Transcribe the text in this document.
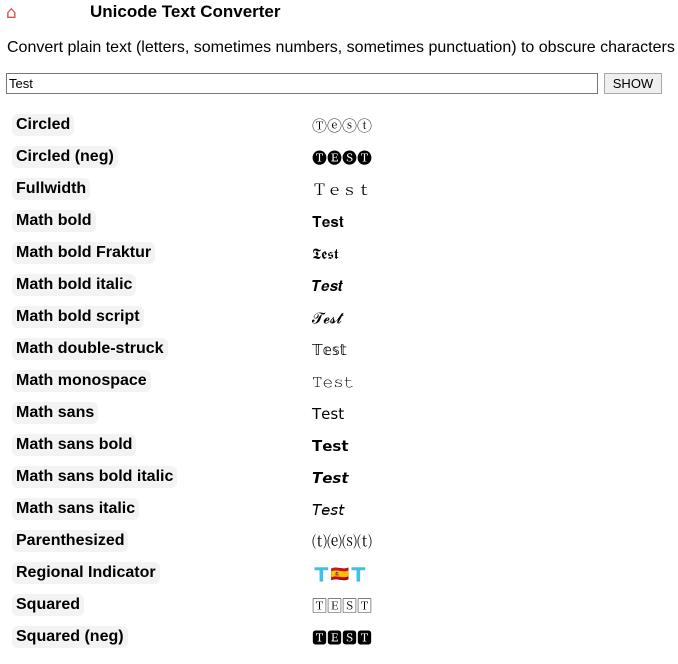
⌂	Unicode Text Converter
Convert plain text (letters, sometimes numbers, sometimes punctuation) to obscure characters
Test
SHOW
Circled	Ⓣⓔⓢⓣ
Circled (neg)	🅣🅔🅢🅣
Fullwidth	Ｔｅｓｔ
Math bold	𝐓𝐞𝐬𝐭
Math bold Fraktur	𝕿𝖊𝖘𝖙
Math bold italic	𝑻𝒆𝒔𝒕
Math bold script	𝓣𝓮𝓼𝓽
Math double-struck	𝕋𝕖𝕤𝕥
Math monospace	𝚃𝚎𝚜𝚝
Math sans	𝖳𝖾𝗌𝗍
Math sans bold	𝗧𝗲𝘀𝘁
Math sans bold italic	𝙏𝙚𝙨𝙩
Math sans italic	𝘛𝘦𝘴𝘵
Parenthesized	⒯⒠⒮⒯
Regional Indicator	🇹🇪🇸🇹
Squared	🅃🄴🅂🅃
Squared (neg)	🆃🅴🆂🆃
